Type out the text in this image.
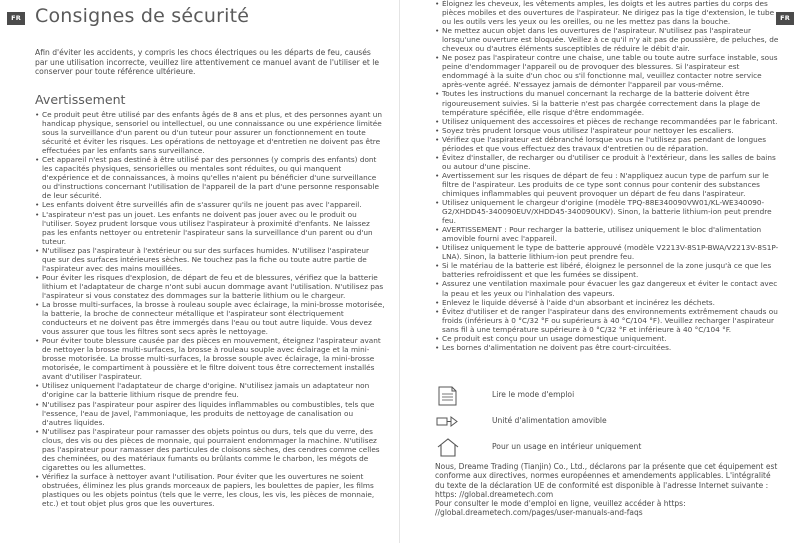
FR Consignes de sécurité

Afin d'éviter les accidents, y compris les chocs électriques ou les départs de feu, causés par une utilisation incorrecte, veuillez lire attentivement ce manuel avant de l'utiliser et le conserver pour toute référence ultérieure.

Avertissement
• Ce produit peut être utilisé par des enfants âgés de 8 ans et plus, et des personnes ayant un handicap physique, sensoriel ou intellectuel, ou une connaissance ou une expérience limitée sous la surveillance d'un parent ou d'un tuteur pour assurer un fonctionnement en toute sécurité et éviter les risques. Les opérations de nettoyage et d'entretien ne doivent pas être effectuées par les enfants sans surveillance.
• Cet appareil n'est pas destiné à être utilisé par des personnes (y compris des enfants) dont les capacités physiques, sensorielles ou mentales sont réduites, ou qui manquent d'expérience et de connaissances, à moins qu'elles n'aient pu bénéficier d'une surveillance ou d'instructions concernant l'utilisation de l'appareil de la part d'une personne responsable de leur sécurité.
• Les enfants doivent être surveillés afin de s'assurer qu'ils ne jouent pas avec l'appareil.
• L'aspirateur n'est pas un jouet. Les enfants ne doivent pas jouer avec ou le produit ou l'utiliser. Soyez prudent lorsque vous utilisez l'aspirateur à proximité d'enfants. Ne laissez pas les enfants nettoyer ou entretenir l'aspirateur sans la surveillance d'un parent ou d'un tuteur.
• N'utilisez pas l'aspirateur à l'extérieur ou sur des surfaces humides. N'utilisez l'aspirateur que sur des surfaces intérieures sèches. Ne touchez pas la fiche ou toute autre partie de l'aspirateur avec des mains mouillées.
• Pour éviter les risques d'explosion, de départ de feu et de blessures, vérifiez que la batterie lithium et l'adaptateur de charge n'ont subi aucun dommage avant l'utilisation. N'utilisez pas l'aspirateur si vous constatez des dommages sur la batterie lithium ou le chargeur.
• La brosse multi-surfaces, la brosse à rouleau souple avec éclairage, la mini-brosse motorisée, la batterie, la broche de connecteur métallique et l'aspirateur sont électriquement conducteurs et ne doivent pas être immergés dans l'eau ou tout autre liquide. Vous devez vous assurer que tous les filtres sont secs après le nettoyage.
• Pour éviter toute blessure causée par des pièces en mouvement, éteignez l'aspirateur avant de nettoyer la brosse multi-surfaces, la brosse à rouleau souple avec éclairage et la mini-brosse motorisée. La brosse multi-surfaces, la brosse souple avec éclairage, la mini-brosse motorisée, le compartiment à poussière et le filtre doivent tous être correctement installés avant d'utiliser l'aspirateur.
• Utilisez uniquement l'adaptateur de charge d'origine. N'utilisez jamais un adaptateur non d'origine car la batterie lithium risque de prendre feu.
• N'utilisez pas l'aspirateur pour aspirer des liquides inflammables ou combustibles, tels que l'essence, l'eau de Javel, l'ammoniaque, les produits de nettoyage de canalisation ou d'autres liquides.
• N'utilisez pas l'aspirateur pour ramasser des objets pointus ou durs, tels que du verre, des clous, des vis ou des pièces de monnaie, qui pourraient endommager la machine. N'utilisez pas l'aspirateur pour ramasser des particules de cloisons sèches, des cendres comme celles des cheminées, ou des matériaux fumants ou brûlants comme le charbon, les mégots de cigarettes ou les allumettes.
• Vérifiez la surface à nettoyer avant l'utilisation. Pour éviter que les ouvertures ne soient obstruées, éliminez les plus grands morceaux de papiers, les boulettes de papier, les films plastiques ou les objets pointus (tels que le verre, les clous, les vis, les pièces de monnaie, etc.) et tout objet plus gros que les ouvertures.
FR
• Éloignez les cheveux, les vêtements amples, les doigts et les autres parties du corps des pièces mobiles et des ouvertures de l'aspirateur. Ne dirigez pas la tige d'extension, le tube ou les outils vers les yeux ou les oreilles, ou ne les mettez pas dans la bouche.
• Ne mettez aucun objet dans les ouvertures de l'aspirateur. N'utilisez pas l'aspirateur lorsqu'une ouverture est bloquée. Veillez à ce qu'il n'y ait pas de poussière, de peluches, de cheveux ou d'autres éléments susceptibles de réduire le débit d'air.
• Ne posez pas l'aspirateur contre une chaise, une table ou toute autre surface instable, sous peine d'endommager l'appareil ou de provoquer des blessures. Si l'aspirateur est endommagé à la suite d'un choc ou s'il fonctionne mal, veuillez contacter notre service après-vente agréé. N'essayez jamais de démonter l'appareil par vous-même.
• Toutes les instructions du manuel concernant la recharge de la batterie doivent être rigoureusement suivies. Si la batterie n'est pas chargée correctement dans la plage de température spécifiée, elle risque d'être endommagée.
• Utilisez uniquement des accessoires et pièces de rechange recommandées par le fabricant.
• Soyez très prudent lorsque vous utilisez l'aspirateur pour nettoyer les escaliers.
• Vérifiez que l'aspirateur est débranché lorsque vous ne l'utilisez pas pendant de longues périodes et que vous effectuez des travaux d'entretien ou de réparation.
• Évitez d'installer, de recharger ou d'utiliser ce produit à l'extérieur, dans les salles de bains ou autour d'une piscine.
• Avertissement sur les risques de départ de feu : N'appliquez aucun type de parfum sur le filtre de l'aspirateur. Les produits de ce type sont connus pour contenir des substances chimiques inflammables qui peuvent provoquer un départ de feu dans l'aspirateur.
• Utilisez uniquement le chargeur d'origine (modèle TPQ-88E340090VW01/KL-WE340090-G2/XHDD45-340090EUV/XHDD45-340090UKV). Sinon, la batterie lithium-ion peut prendre feu.
• AVERTISSEMENT : Pour recharger la batterie, utilisez uniquement le bloc d'alimentation amovible fourni avec l'appareil.
• Utilisez uniquement le type de batterie approuvé (modèle V2213V-8S1P-BWA/V2213V-8S1P-LNA). Sinon, la batterie lithium-ion peut prendre feu.
• Si le matériau de la batterie est libéré, éloignez le personnel de la zone jusqu'à ce que les batteries refroidissent et que les fumées se dissipent.
• Assurez une ventilation maximale pour évacuer les gaz dangereux et éviter le contact avec la peau et les yeux ou l'inhalation des vapeurs.
• Enlevez le liquide déversé à l'aide d'un absorbant et incinérez les déchets.
• Évitez d'utiliser et de ranger l'aspirateur dans des environnements extrêmement chauds ou froids (inférieurs à 0 °C/32 °F ou supérieurs à 40 °C/104 °F). Veuillez recharger l'aspirateur sans fil à une température supérieure à 0 °C/32 °F et inférieure à 40 °C/104 °F.
• Ce produit est conçu pour un usage domestique uniquement.
• Les bornes d'alimentation ne doivent pas être court-circuitées.
Lire le mode d'emploi
Unité d'alimentation amovible
Pour un usage en intérieur uniquement

Nous, Dreame Trading (Tianjin) Co., Ltd., déclarons par la présente que cet équipement est conforme aux directives, normes européennes et amendements applicables. L'intégralité du texte de la déclaration UE de conformité est disponible à l'adresse Internet suivante : https: //global.dreametech.com
Pour consulter le mode d'emploi en ligne, veuillez accéder à https: //global.dreametech.com/pages/user-manuals-and-faqs
